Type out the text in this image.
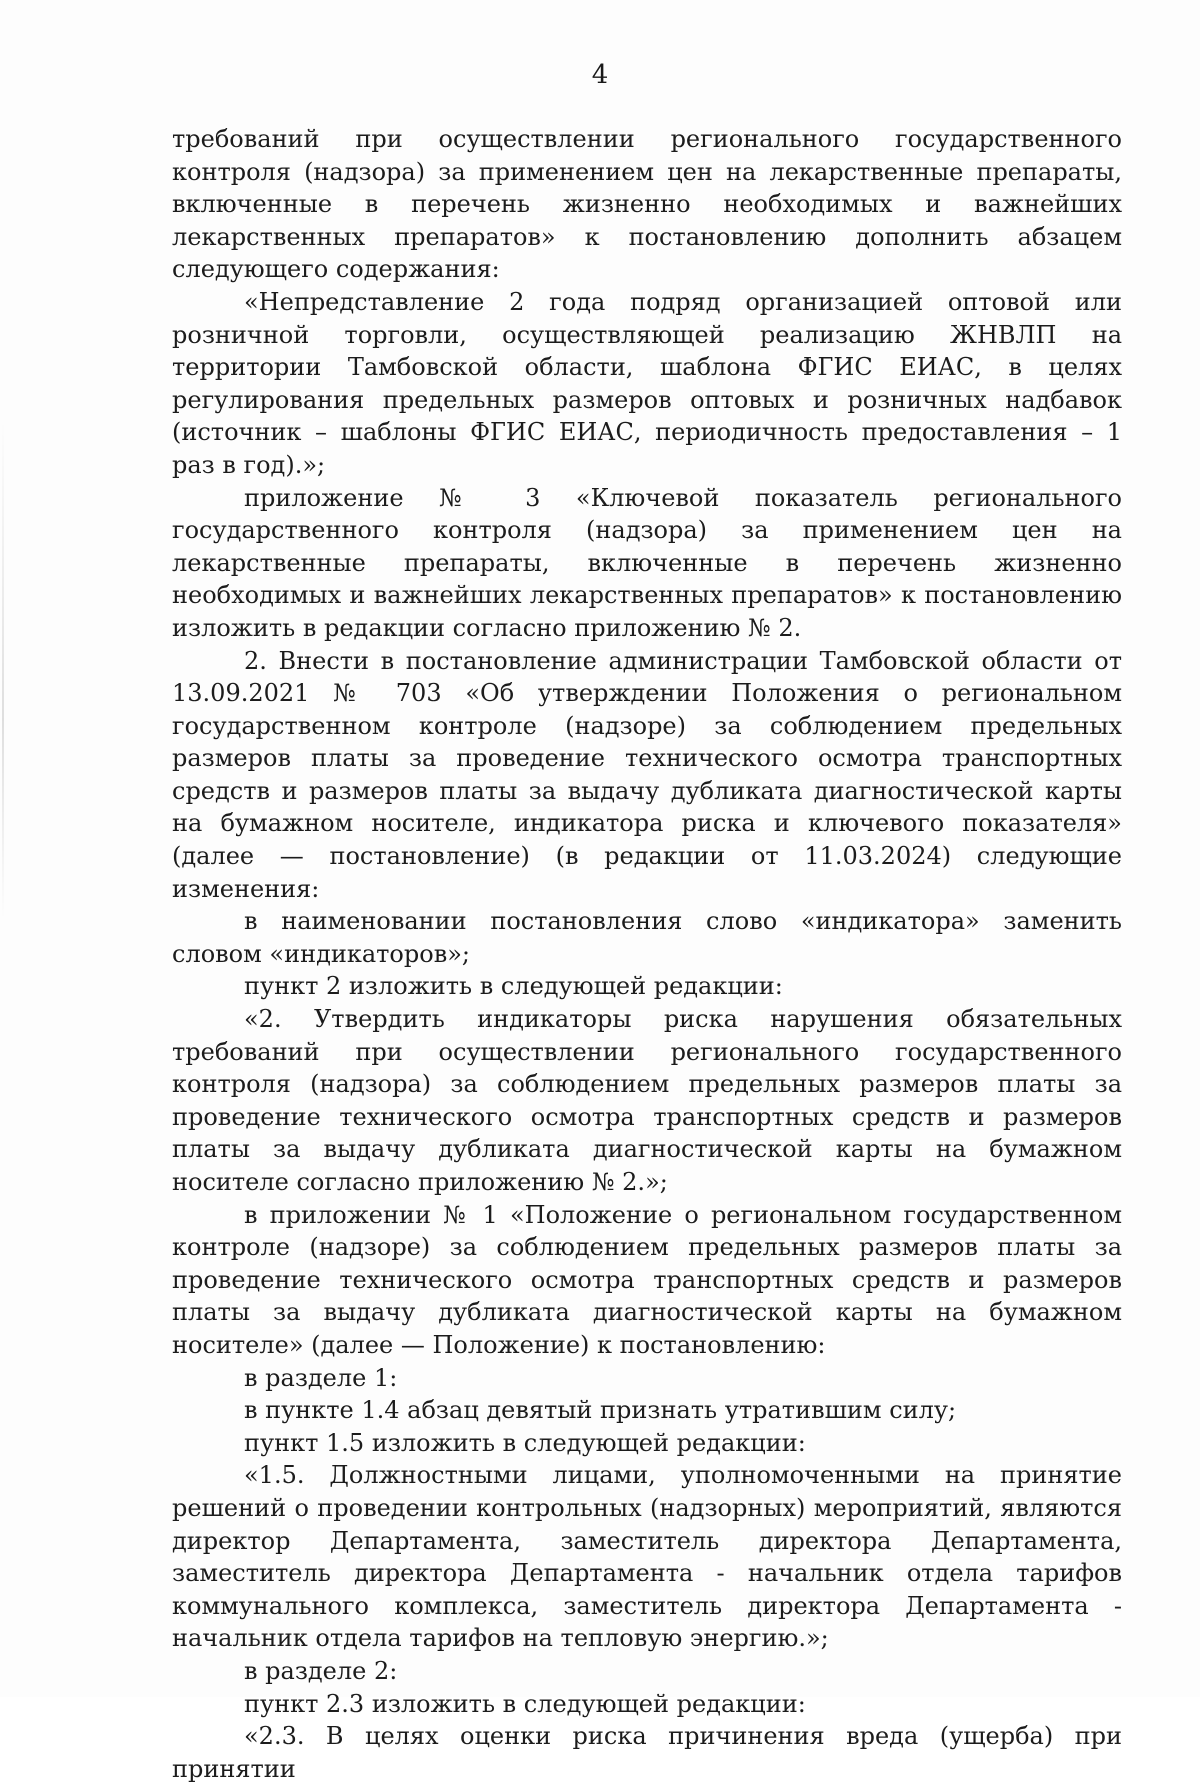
4

требований при осуществлении регионального государственного контроля (надзора) за применением цен на лекарственные препараты, включенные в перечень жизненно необходимых и важнейших лекарственных препаратов» к постановлению дополнить абзацем следующего содержания:

«Непредставление 2 года подряд организацией оптовой или розничной торговли, осуществляющей реализацию ЖНВЛП на территории Тамбовской области, шаблона ФГИС ЕИАС, в целях регулирования предельных размеров оптовых и розничных надбавок (источник – шаблоны ФГИС ЕИАС, периодичность предоставления – 1 раз в год).»;

приложение № 3 «Ключевой показатель регионального государственного контроля (надзора) за применением цен на лекарственные препараты, включенные в перечень жизненно необходимых и важнейших лекарственных препаратов» к постановлению изложить в редакции согласно приложению № 2.

2. Внести в постановление администрации Тамбовской области от 13.09.2021 № 703 «Об утверждении Положения о региональном государственном контроле (надзоре) за соблюдением предельных размеров платы за проведение технического осмотра транспортных средств и размеров платы за выдачу дубликата диагностической карты на бумажном носителе, индикатора риска и ключевого показателя» (далее — постановление) (в редакции от 11.03.2024) следующие изменения:

в наименовании постановления слово «индикатора» заменить словом «индикаторов»;

пункт 2 изложить в следующей редакции:

«2. Утвердить индикаторы риска нарушения обязательных требований при осуществлении регионального государственного контроля (надзора) за соблюдением предельных размеров платы за проведение технического осмотра транспортных средств и размеров платы за выдачу дубликата диагностической карты на бумажном носителе согласно приложению № 2.»;

в приложении № 1 «Положение о региональном государственном контроле (надзоре) за соблюдением предельных размеров платы за проведение технического осмотра транспортных средств и размеров платы за выдачу дубликата диагностической карты на бумажном носителе» (далее — Положение) к постановлению:

в разделе 1:

в пункте 1.4 абзац девятый признать утратившим силу;

пункт 1.5 изложить в следующей редакции:

«1.5. Должностными лицами, уполномоченными на принятие решений о проведении контрольных (надзорных) мероприятий, являются директор Департамента, заместитель директора Департамента, заместитель директора Департамента - начальник отдела тарифов коммунального комплекса, заместитель директора Департамента - начальник отдела тарифов на тепловую энергию.»;

в разделе 2:

пункт 2.3 изложить в следующей редакции:

«2.3. В целях оценки риска причинения вреда (ущерба) при принятии
